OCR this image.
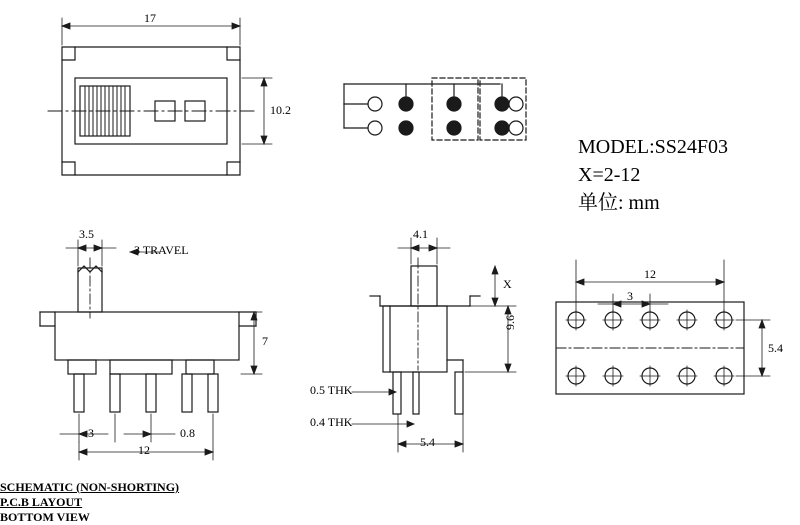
17
10.2
SCHEMATIC (NON-SHORTING)
MODEL:SS24F03
X=2-12
单位: mm
3.5
3 TRAVEL
7
3	0.8
12
4.1
X
9.6
0.5 THK
0.4 THK
5.4
12
3
5.4
P.C.B LAYOUT
BOTTOM VIEW
